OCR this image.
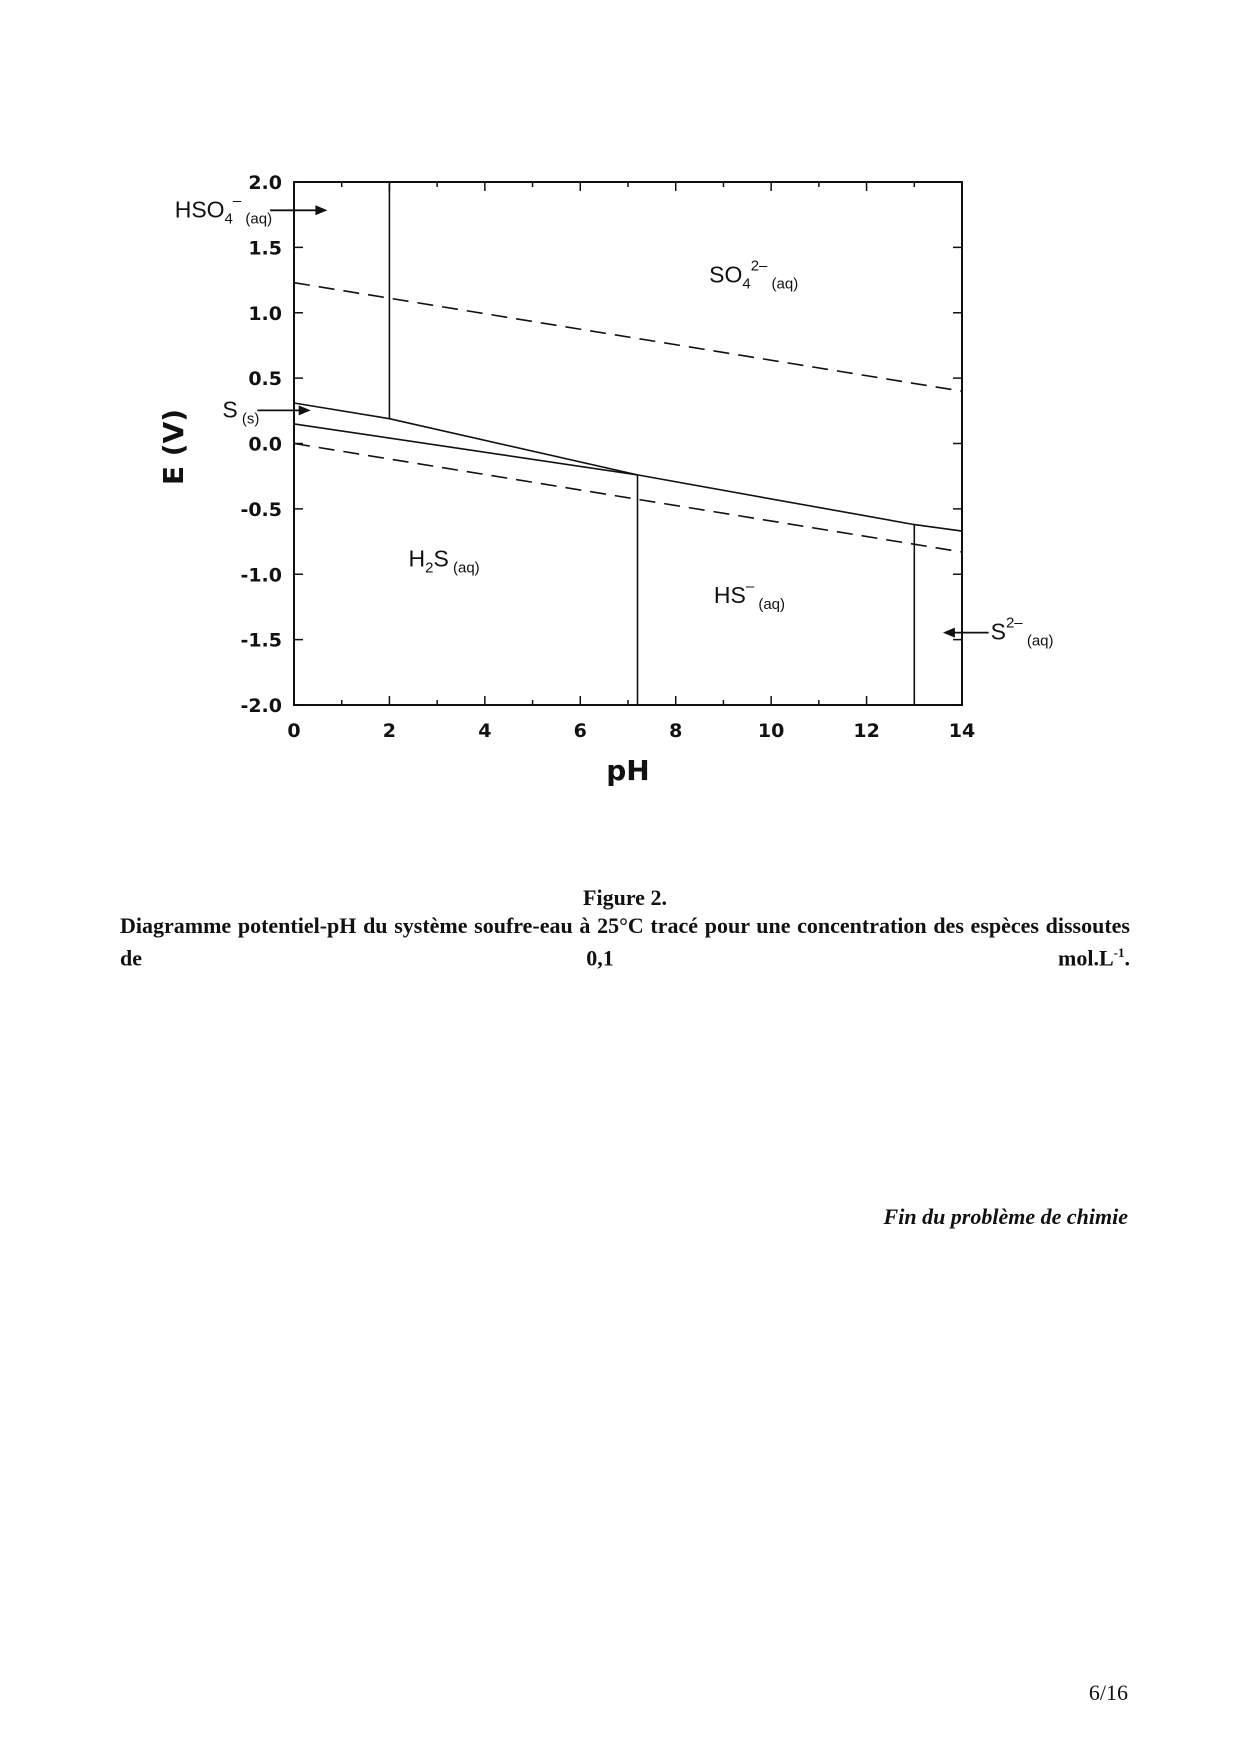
0	2	4	6	8	10	12	14
2.0
1.5
1.0
0.5
0.0
-0.5
-1.0
-1.5
-2.0
$SO_4^{2-}$ $_{(aq)}$
$H_2S$ $_{(aq)}$
HS– $_{(aq)}$
$HSO_4^-$ $_{(aq)}$
S $_{(s)}$
$S^{2-}$ $_{(aq)}$
pH
E (V)
Figure 2.
Diagramme potentiel-pH du système soufre-eau à 25°C tracé pour une concentration des espèces dissoutes de 0,1 $mol.L^{-1}$.
Fin du problème de chimie
6/16
